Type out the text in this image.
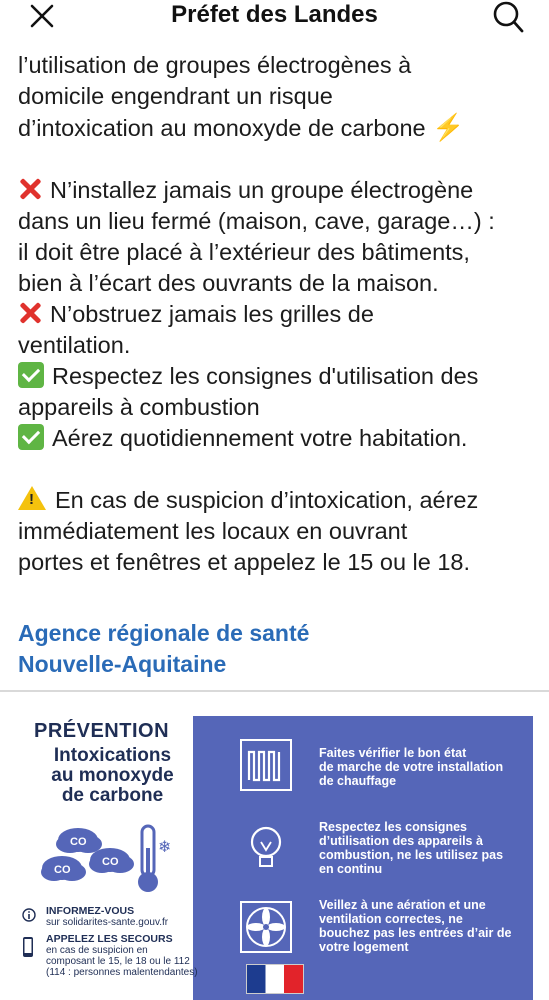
Préfet des Landes

l’utilisation de groupes électrogènes à

domicile engendrant un risque

d’intoxication au monoxyde de carbone ⚡

N’installez jamais un groupe électrogène

dans un lieu fermé (maison, cave, garage…) :

il doit être placé à l’extérieur des bâtiments,

bien à l’écart des ouvrants de la maison.

N’obstruez jamais les grilles de

ventilation.

Respectez les consignes d'utilisation des

appareils à combustion

Aérez quotidiennement votre habitation.

! En cas de suspicion d’intoxication, aérez

immédiatement les locaux en ouvrant

portes et fenêtres et appelez le 15 ou le 18.

Agence régionale de santé
Nouvelle-Aquitaine
PRÉVENTION
Intoxications
au monoxyde
de carbone
CO
CO
CO
❄
Faites vérifier le bon état
de marche de votre installation
de chauffage
Respectez les consignes
d’utilisation des appareils à
combustion, ne les utilisez pas
en continu
Veillez à une aération et une
ventilation correctes, ne
bouchez pas les entrées d’air de
votre logement
INFORMEZ-VOUS
sur solidarites-sante.gouv.fr
APPELEZ LES SECOURS
en cas de suspicion en
composant le 15, le 18 ou le 112
(114 : personnes malentendantes)
